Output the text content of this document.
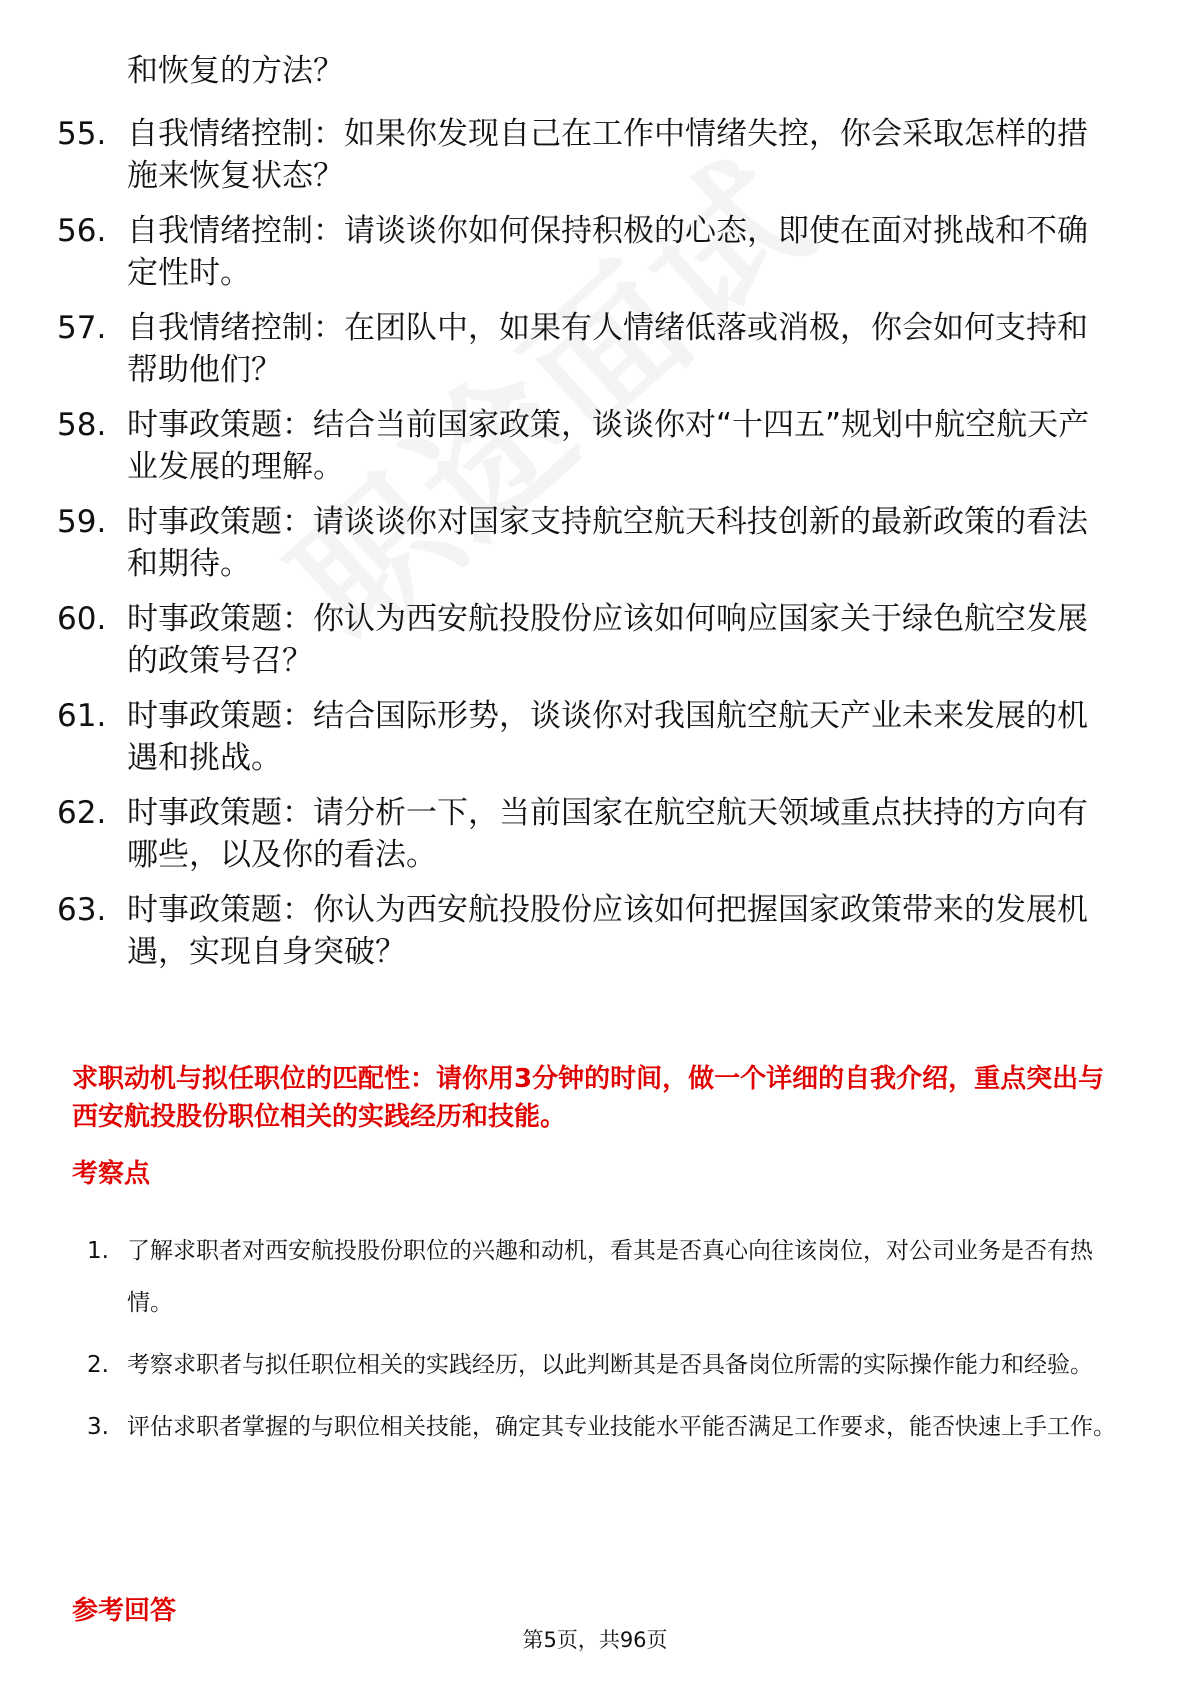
和恢复的方法？
55. 自我情绪控制：如果你发现自己在工作中情绪失控，你会采取怎样的措施来恢复状态？
56. 自我情绪控制：请谈谈你如何保持积极的心态，即使在面对挑战和不确定性时。
57. 自我情绪控制：在团队中，如果有人情绪低落或消极，你会如何支持和帮助他们？
58. 时事政策题：结合当前国家政策，谈谈你对“十四五”规划中航空航天产业发展的理解。
59. 时事政策题：请谈谈你对国家支持航空航天科技创新的最新政策的看法和期待。
60. 时事政策题：你认为西安航投股份应该如何响应国家关于绿色航空发展的政策号召？
61. 时事政策题：结合国际形势，谈谈你对我国航空航天产业未来发展的机遇和挑战。
62. 时事政策题：请分析一下，当前国家在航空航天领域重点扶持的方向有哪些，以及你的看法。
63. 时事政策题：你认为西安航投股份应该如何把握国家政策带来的发展机遇，实现自身突破？
求职动机与拟任职位的匹配性：请你用3分钟的时间，做一个详细的自我介绍，重点突出与西安航投股份职位相关的实践经历和技能。
考察点
1. 了解求职者对西安航投股份职位的兴趣和动机，看其是否真心向往该岗位，对公司业务是否有热情。
2. 考察求职者与拟任职位相关的实践经历，以此判断其是否具备岗位所需的实际操作能力和经验。
3. 评估求职者掌握的与职位相关技能，确定其专业技能水平能否满足工作要求，能否快速上手工作。
参考回答
第5页，共96页
